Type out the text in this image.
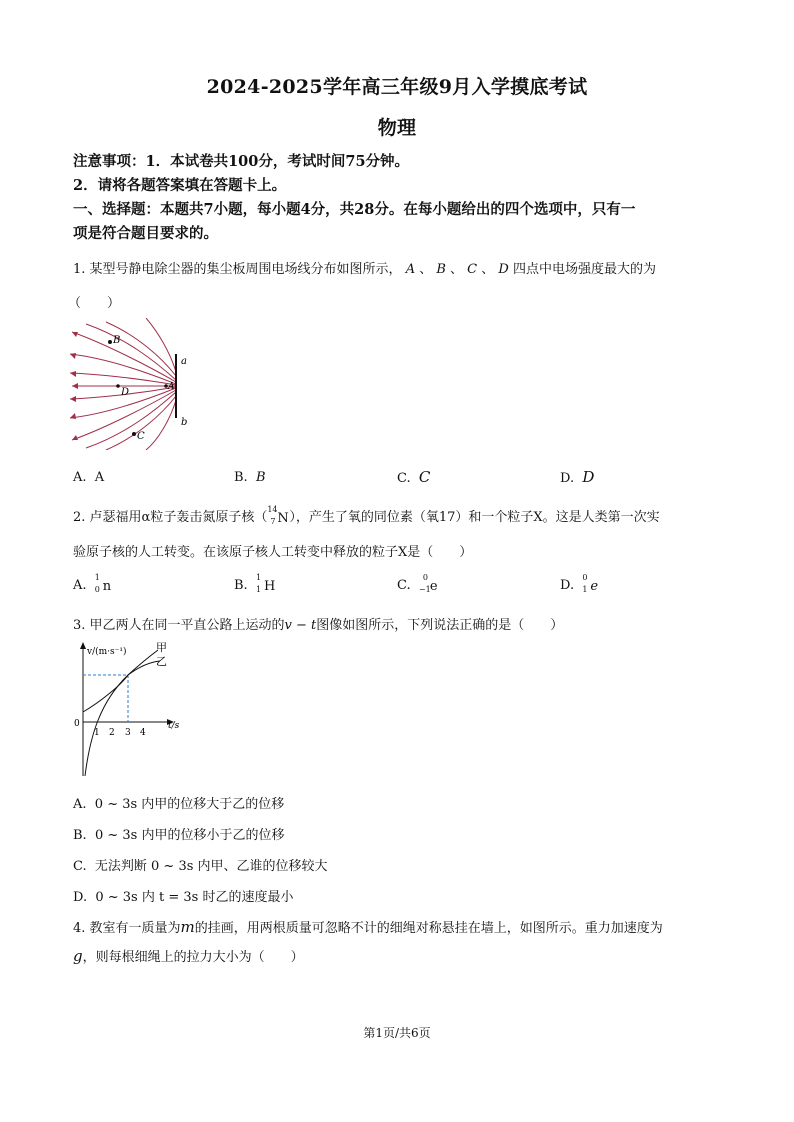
2024-2025学年高三年级9月入学摸底考试
物理
注意事项：1．本试卷共100分，考试时间75分钟。
2．请将各题答案填在答题卡上。
一、选择题：本题共7小题，每小题4分，共28分。在每小题给出的四个选项中，只有一
项是符合题目要求的。
1. 某型号静电除尘器的集尘板周围电场线分布如图所示， A 、 B 、 C 、 D 四点中电场强度最大的为
（　　）
B
D	A
C
a
b
A. A	B. B	C. C	D. D
2. 卢瑟福用α粒子轰击氮原子核（
14
7 N ），产生了氧的同位素（氧17）和一个粒子X。这是人类第一次实
验原子核的人工转变。在该原子核人工转变中释放的粒子X是（　　）
A.
1
0 n	B.
1
1 H	C.
0
−1 e	D.
0
1 e
3. 甲乙两人在同一平直公路上运动的v − t图像如图所示，下列说法正确的是（　　）
v/(m·s⁻¹)
t/s
0
1 2 3 4
甲
乙
A. 0 ~ 3s 内甲的位移大于乙的位移
B. 0 ~ 3s 内甲的位移小于乙的位移
C. 无法判断 0 ~ 3s 内甲、乙谁的位移较大
D. 0 ~ 3s 内 t = 3s 时乙的速度最小
4. 教室有一质量为m的挂画，用两根质量可忽略不计的细绳对称悬挂在墙上，如图所示。重力加速度为
g，则每根细绳上的拉力大小为（　　）
第1页/共6页
